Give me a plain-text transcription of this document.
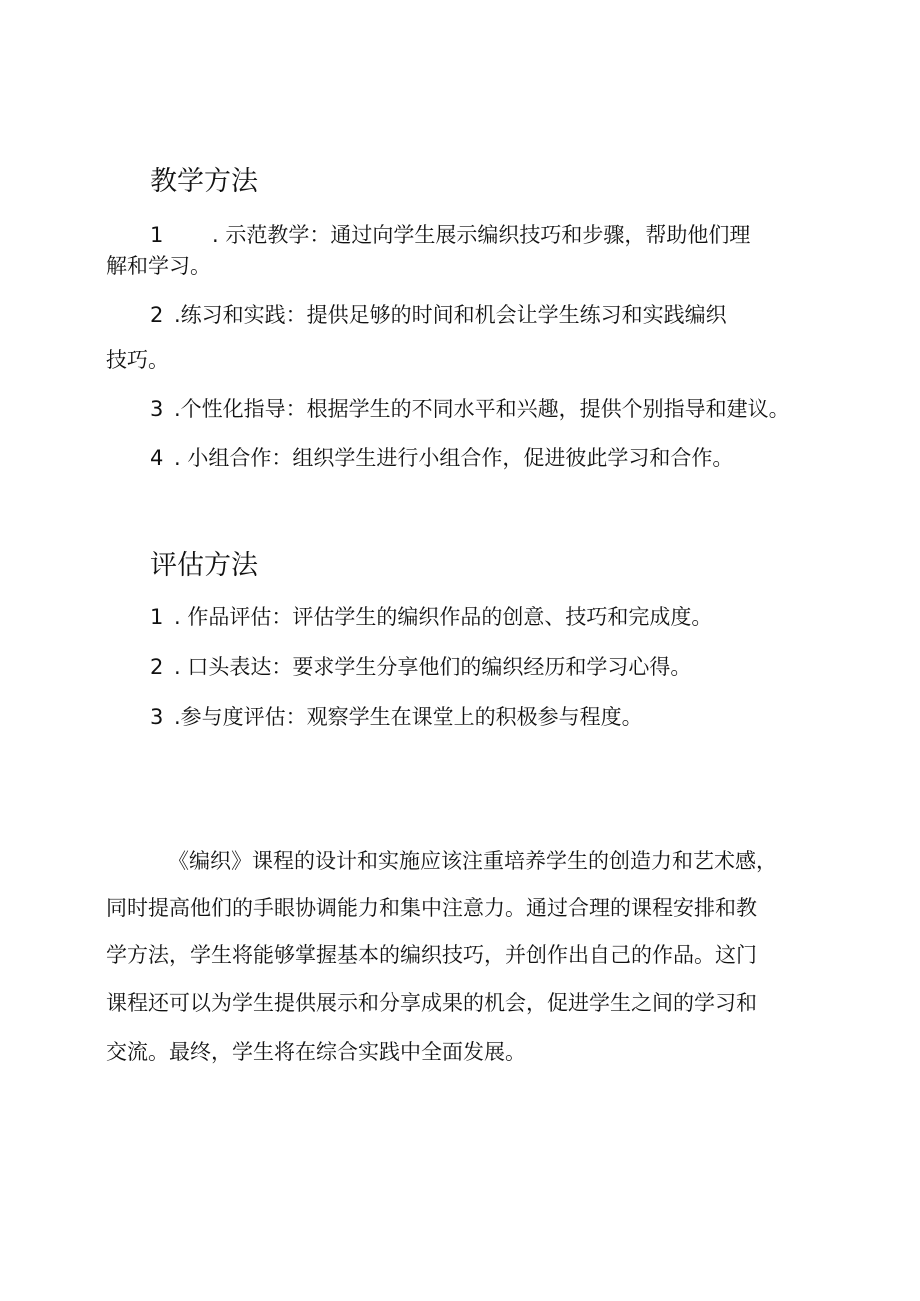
教学方法
1 . 示范教学：通过向学生展示编织技巧和步骤，帮助他们理
解和学习。
2 .练习和实践：提供足够的时间和机会让学生练习和实践编织
技巧。
3 .个性化指导：根据学生的不同水平和兴趣，提供个别指导和建议。
4 . 小组合作：组织学生进行小组合作，促进彼此学习和合作。
评估方法
1 . 作品评估：评估学生的编织作品的创意、技巧和完成度。
2 . 口头表达：要求学生分享他们的编织经历和学习心得。
3 .参与度评估：观察学生在课堂上的积极参与程度。
《编织》课程的设计和实施应该注重培养学生的创造力和艺术感，
同时提高他们的手眼协调能力和集中注意力。通过合理的课程安排和教
学方法，学生将能够掌握基本的编织技巧，并创作出自己的作品。这门
课程还可以为学生提供展示和分享成果的机会，促进学生之间的学习和
交流。最终，学生将在综合实践中全面发展。
